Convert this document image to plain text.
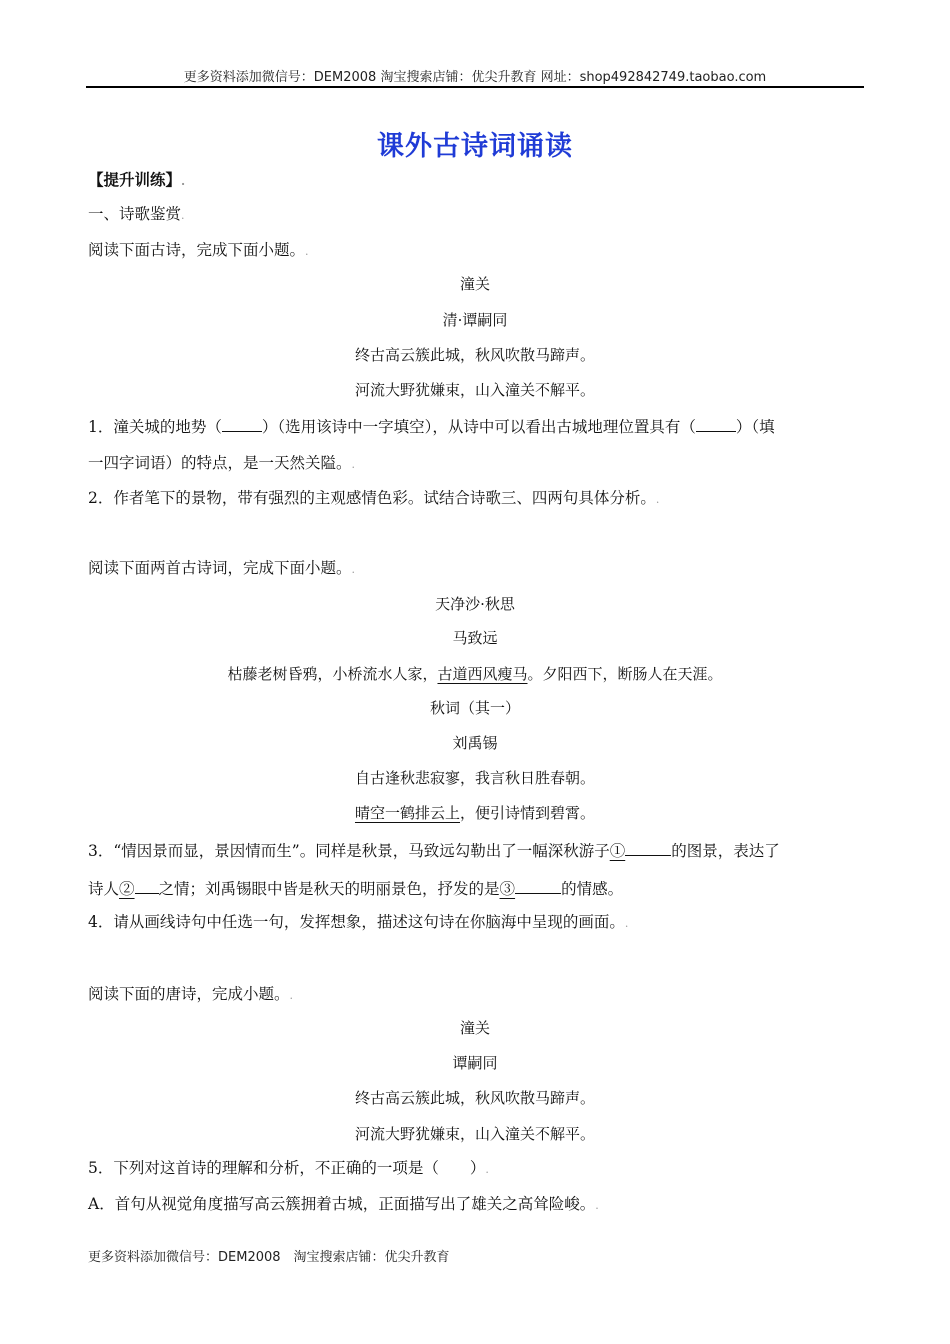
更多资料添加微信号：DEM2008 淘宝搜索店铺：优尖升教育 网址：shop492842749.taobao.com
课外古诗词诵读
【提升训练】.
一、诗歌鉴赏.
阅读下面古诗，完成下面小题。.
潼关
清·谭嗣同
终古高云簇此城，秋风吹散马蹄声。
河流大野犹嫌束，山入潼关不解平。
1．潼关城的地势（	）（选用该诗中一字填空），从诗中可以看出古城地理位置具有（	）（填
一四字词语）的特点，是一天然关隘。.
2．作者笔下的景物，带有强烈的主观感情色彩。试结合诗歌三、四两句具体分析。.
阅读下面两首古诗词，完成下面小题。.
天净沙·秋思
马致远
枯藤老树昏鸦，小桥流水人家，古道西风瘦马。夕阳西下，断肠人在天涯。
秋词（其一）
刘禹锡
自古逢秋悲寂寥，我言秋日胜春朝。
晴空一鹤排云上，便引诗情到碧霄。
3．“情因景而显，景因情而生”。同样是秋景，马致远勾勒出了一幅深秋游子①	的图景，表达了
诗人② 之情；刘禹锡眼中皆是秋天的明丽景色，抒发的是③	的情感。
4．请从画线诗句中任选一句，发挥想象，描述这句诗在你脑海中呈现的画面。.
阅读下面的唐诗，完成小题。.
潼关
谭嗣同
终古高云簇此城，秋风吹散马蹄声。
河流大野犹嫌束，山入潼关不解平。
5．下列对这首诗的理解和分析，不正确的一项是（　　）.
A．首句从视觉角度描写高云簇拥着古城，正面描写出了雄关之高耸险峻。.
更多资料添加微信号：DEM2008　淘宝搜索店铺：优尖升教育
